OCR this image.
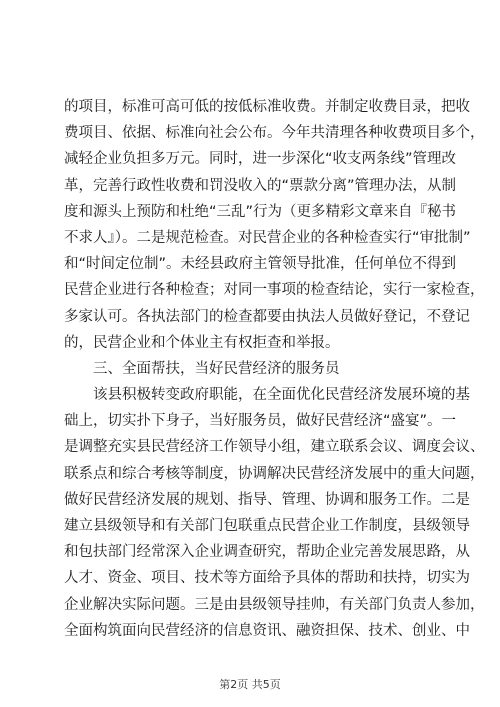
的项目，标准可高可低的按低标准收费。并制定收费目录，把收
费项目、依据、标准向社会公布。今年共清理各种收费项目多个，
减轻企业负担多万元。同时，进一步深化“收支两条线”管理改
革，完善行政性收费和罚没收入的“票款分离”管理办法，从制
度和源头上预防和杜绝“三乱”行为（更多精彩文章来自『秘书
不求人』）。二是规范检查。对民营企业的各种检查实行“审批制”
和“时间定位制”。未经县政府主管领导批准，任何单位不得到
民营企业进行各种检查；对同一事项的检查结论，实行一家检查，
多家认可。各执法部门的检查都要由执法人员做好登记，不登记
的，民营企业和个体业主有权拒查和举报。
三、全面帮扶，当好民营经济的服务员
该县积极转变政府职能，在全面优化民营经济发展环境的基
础上，切实扑下身子，当好服务员，做好民营经济“盛宴”。一
是调整充实县民营经济工作领导小组，建立联系会议、调度会议、
联系点和综合考核等制度，协调解决民营经济发展中的重大问题，
做好民营经济发展的规划、指导、管理、协调和服务工作。二是
建立县级领导和有关部门包联重点民营企业工作制度，县级领导
和包扶部门经常深入企业调查研究，帮助企业完善发展思路，从
人才、资金、项目、技术等方面给予具体的帮助和扶持，切实为
企业解决实际问题。三是由县级领导挂帅，有关部门负责人参加，
全面构筑面向民营经济的信息资讯、融资担保、技术、创业、中
第2页 共5页
